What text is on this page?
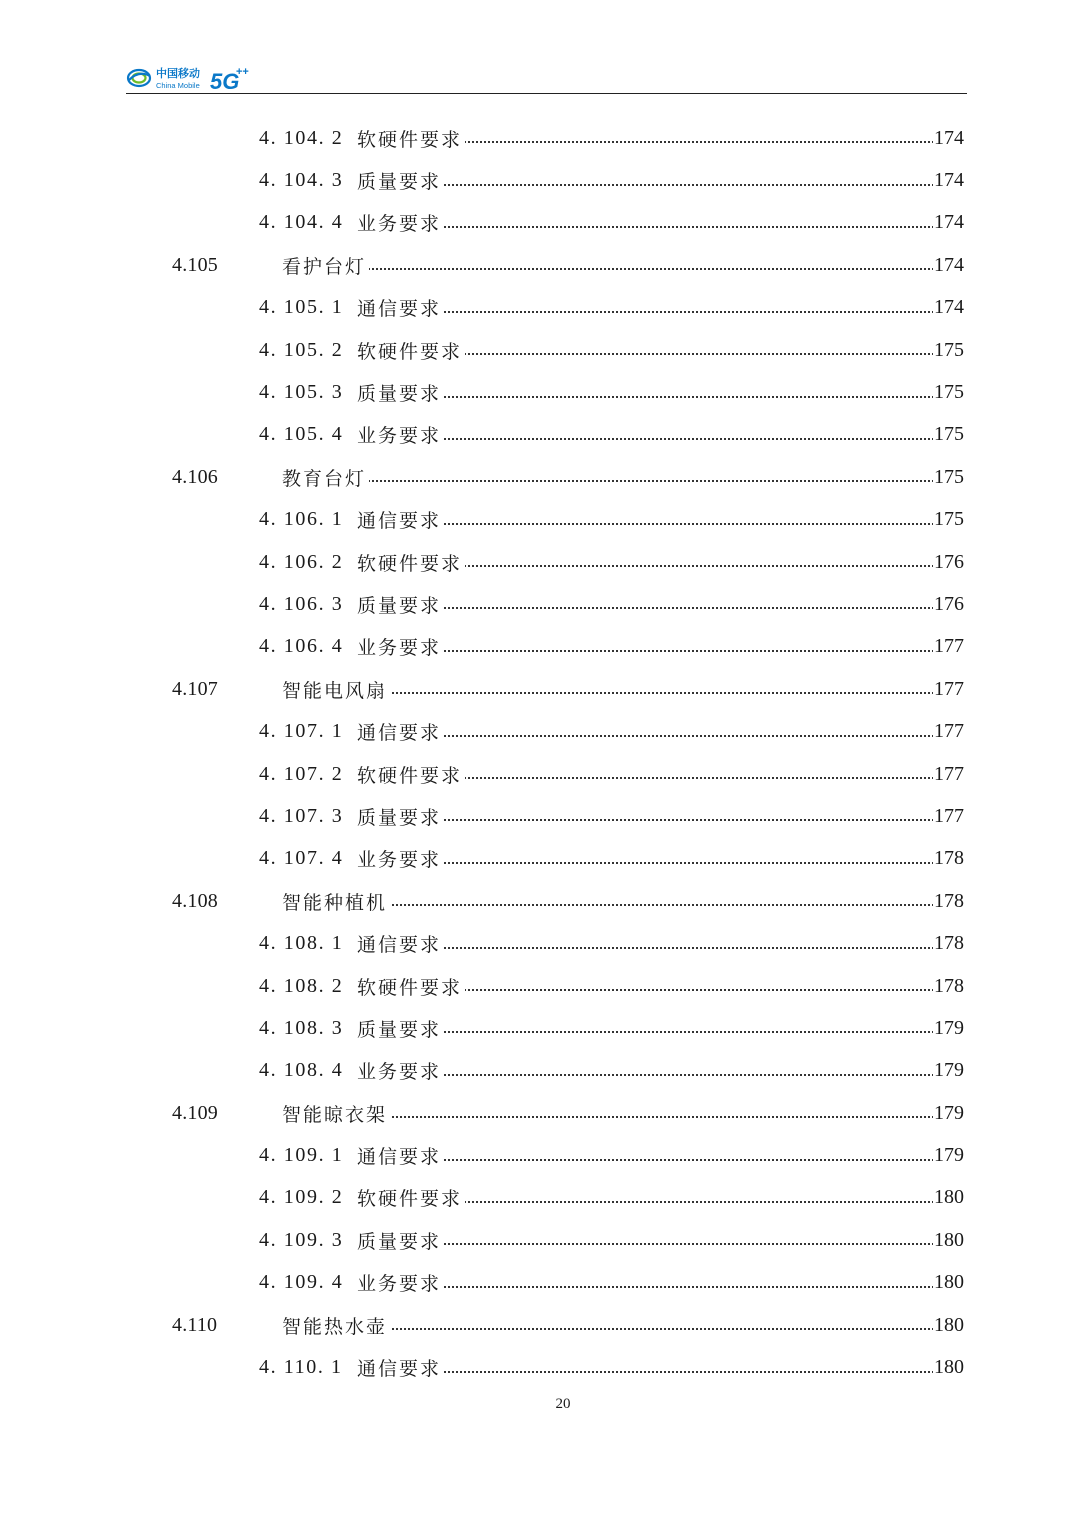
中国移动
China Mobile 5G
++
4. 104. 2 软硬件要求	174
4. 104. 3 质量要求	174
4. 104. 4 业务要求	174
4.105	看护台灯	174
4. 105. 1 通信要求	174
4. 105. 2 软硬件要求	175
4. 105. 3 质量要求	175
4. 105. 4 业务要求	175
4.106	教育台灯	175
4. 106. 1 通信要求	175
4. 106. 2 软硬件要求	176
4. 106. 3 质量要求	176
4. 106. 4 业务要求	177
4.107	智能电风扇	177
4. 107. 1 通信要求	177
4. 107. 2 软硬件要求	177
4. 107. 3 质量要求	177
4. 107. 4 业务要求	178
4.108	智能种植机	178
4. 108. 1 通信要求	178
4. 108. 2 软硬件要求	178
4. 108. 3 质量要求	179
4. 108. 4 业务要求	179
4.109	智能晾衣架	179
4. 109. 1 通信要求	179
4. 109. 2 软硬件要求	180
4. 109. 3 质量要求	180
4. 109. 4 业务要求	180
4.110	智能热水壶	180
4. 110. 1 通信要求	180
20
